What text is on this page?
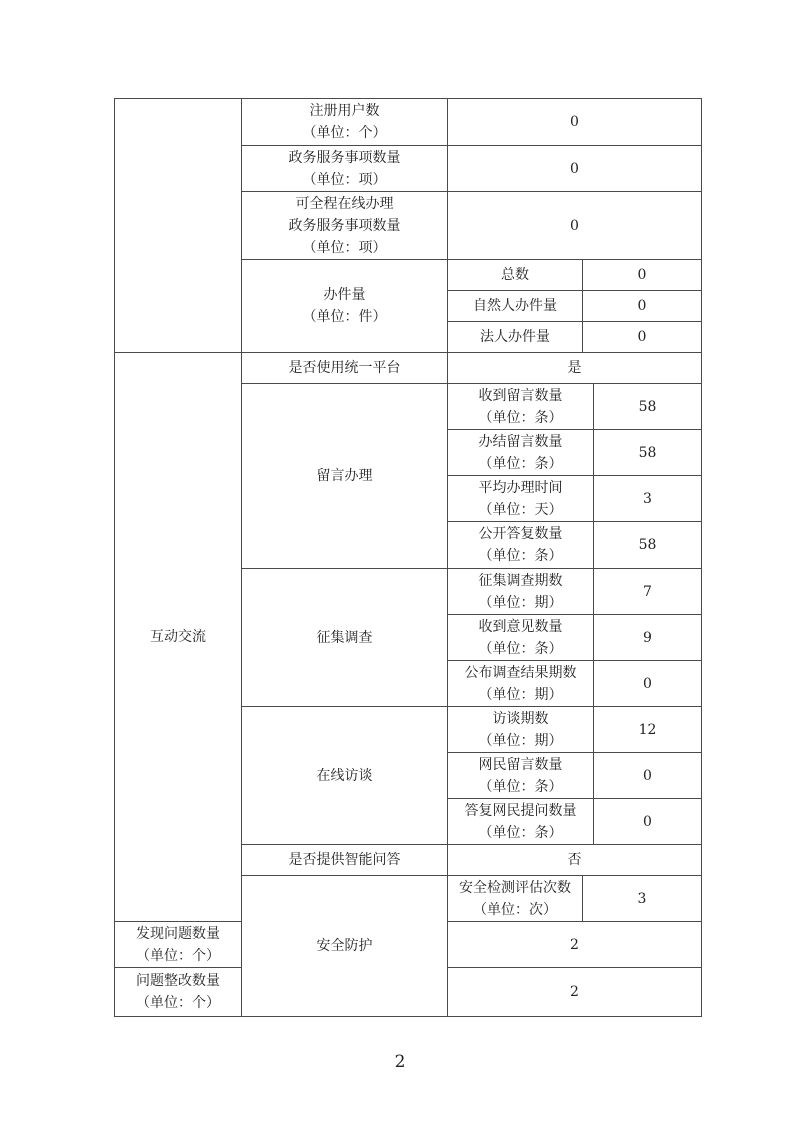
	注册用户数
（单位：个）	0		

	政务服务事项数量
（单位：项）	0		

	可全程在线办理
政务服务事项数量
（单位：项）	0		

	办件量
（单位：件）	总数	0	
		自然人办件量	0	
		法人办件量	0	
互动交流	是否使用统一平台	是		
	留言办理	收到留言数量
（单位：条）		58

		办结留言数量
（单位：条）		58

		平均办理时间
（单位：天）		3

		公开答复数量
（单位：条）		58
	征集调查	征集调查期数
（单位：期）		7

		收到意见数量
（单位：条）		9

		公布调查结果期数
（单位：期）		0
	在线访谈	访谈期数
（单位：期）		12

		网民留言数量
（单位：条）		0

		答复网民提问数量
（单位：条）		0
	是否提供智能问答	否		
	安全防护	安全检测评估次数
（单位：次）	3	

发现问题数量
（单位：个）		2		

问题整改数量
（单位：个）		2		
2
